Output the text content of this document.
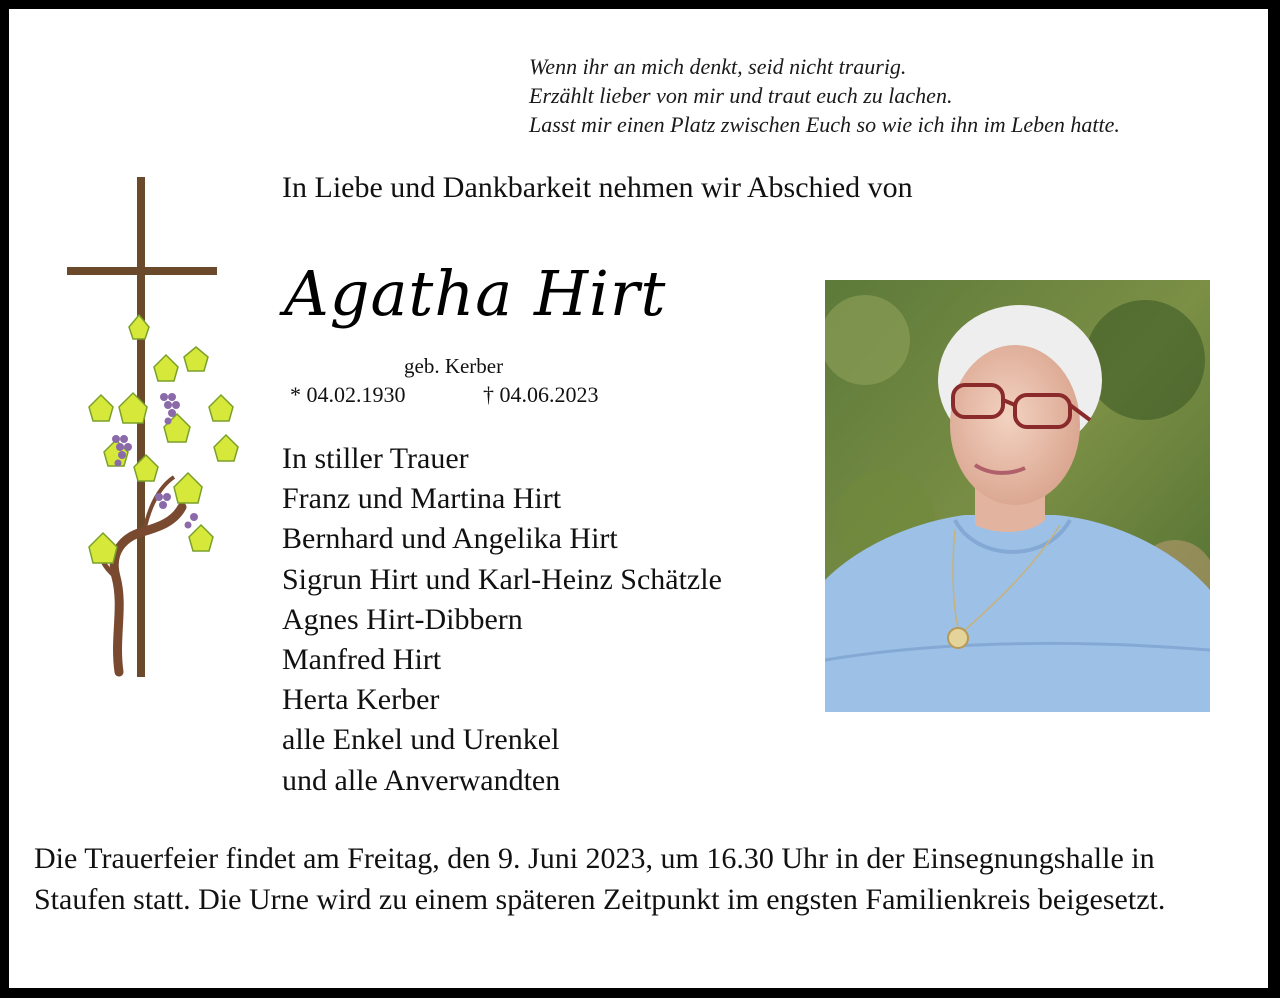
Wenn ihr an mich denkt, seid nicht traurig.
Erzählt lieber von mir und traut euch zu lachen.
Lasst mir einen Platz zwischen Euch so wie ich ihn im Leben hatte.
In Liebe und Dankbarkeit nehmen wir Abschied von
Agatha Hirt
geb. Kerber
* 04.02.1930	† 04.06.2023
In stiller Trauer
Franz und Martina Hirt
Bernhard und Angelika Hirt
Sigrun Hirt und Karl-Heinz Schätzle
Agnes Hirt-Dibbern
Manfred Hirt
Herta Kerber
alle Enkel und Urenkel
und alle Anverwandten
Die Trauerfeier findet am Freitag, den 9. Juni 2023, um 16.30 Uhr in der Einsegnungshalle in Staufen statt. Die Urne wird zu einem späteren Zeitpunkt im engsten Familienkreis beigesetzt.
